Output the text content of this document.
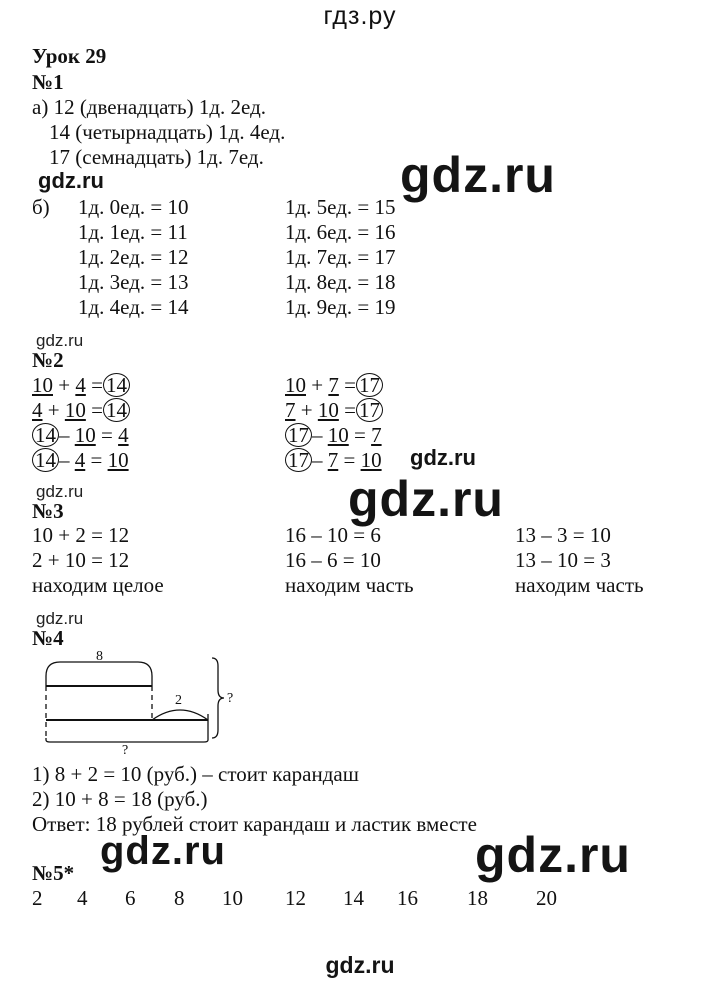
гдз.ру
Урок 29
№1
а) 12 (двенадцать) 1д. 2ед.
14 (четырнадцать) 1д. 4ед.
17 (семнадцать) 1д. 7ед.	gdz.ru
gdz.ru
б) 1д. 0ед. = 10
1д. 1ед. = 11
1д. 2ед. = 12
1д. 3ед. = 13
1д. 4ед. = 14
1д. 5ед. = 15
1д. 6ед. = 16
1д. 7ед. = 17
1д. 8ед. = 18
1д. 9ед. = 19
gdz.ru
№2
10 + 4 = 14
4 + 10 = 14
14 – 10 = 4
14 – 4 = 10
10 + 7 = 17
7 + 10 = 17
17 – 10 = 7
17 – 7 = 10 gdz.ru
gdz.ru
gdz.ru
№3
10 + 2 = 12
2 + 10 = 12
находим целое
16 – 10 = 6
16 – 6 = 10
находим часть
13 – 3 = 10
13 – 10 = 3
находим часть
gdz.ru
№4
8
2	?
?
1) 8 + 2 = 10 (руб.) – стоит карандаш
2) 10 + 8 = 18 (руб.)
Ответ: 18 рублей стоит карандаш и ластик вместе
gdz.ru
gdz.ru
№5*
2 4 6 8 10 12 14 16 18 20
gdz.ru
